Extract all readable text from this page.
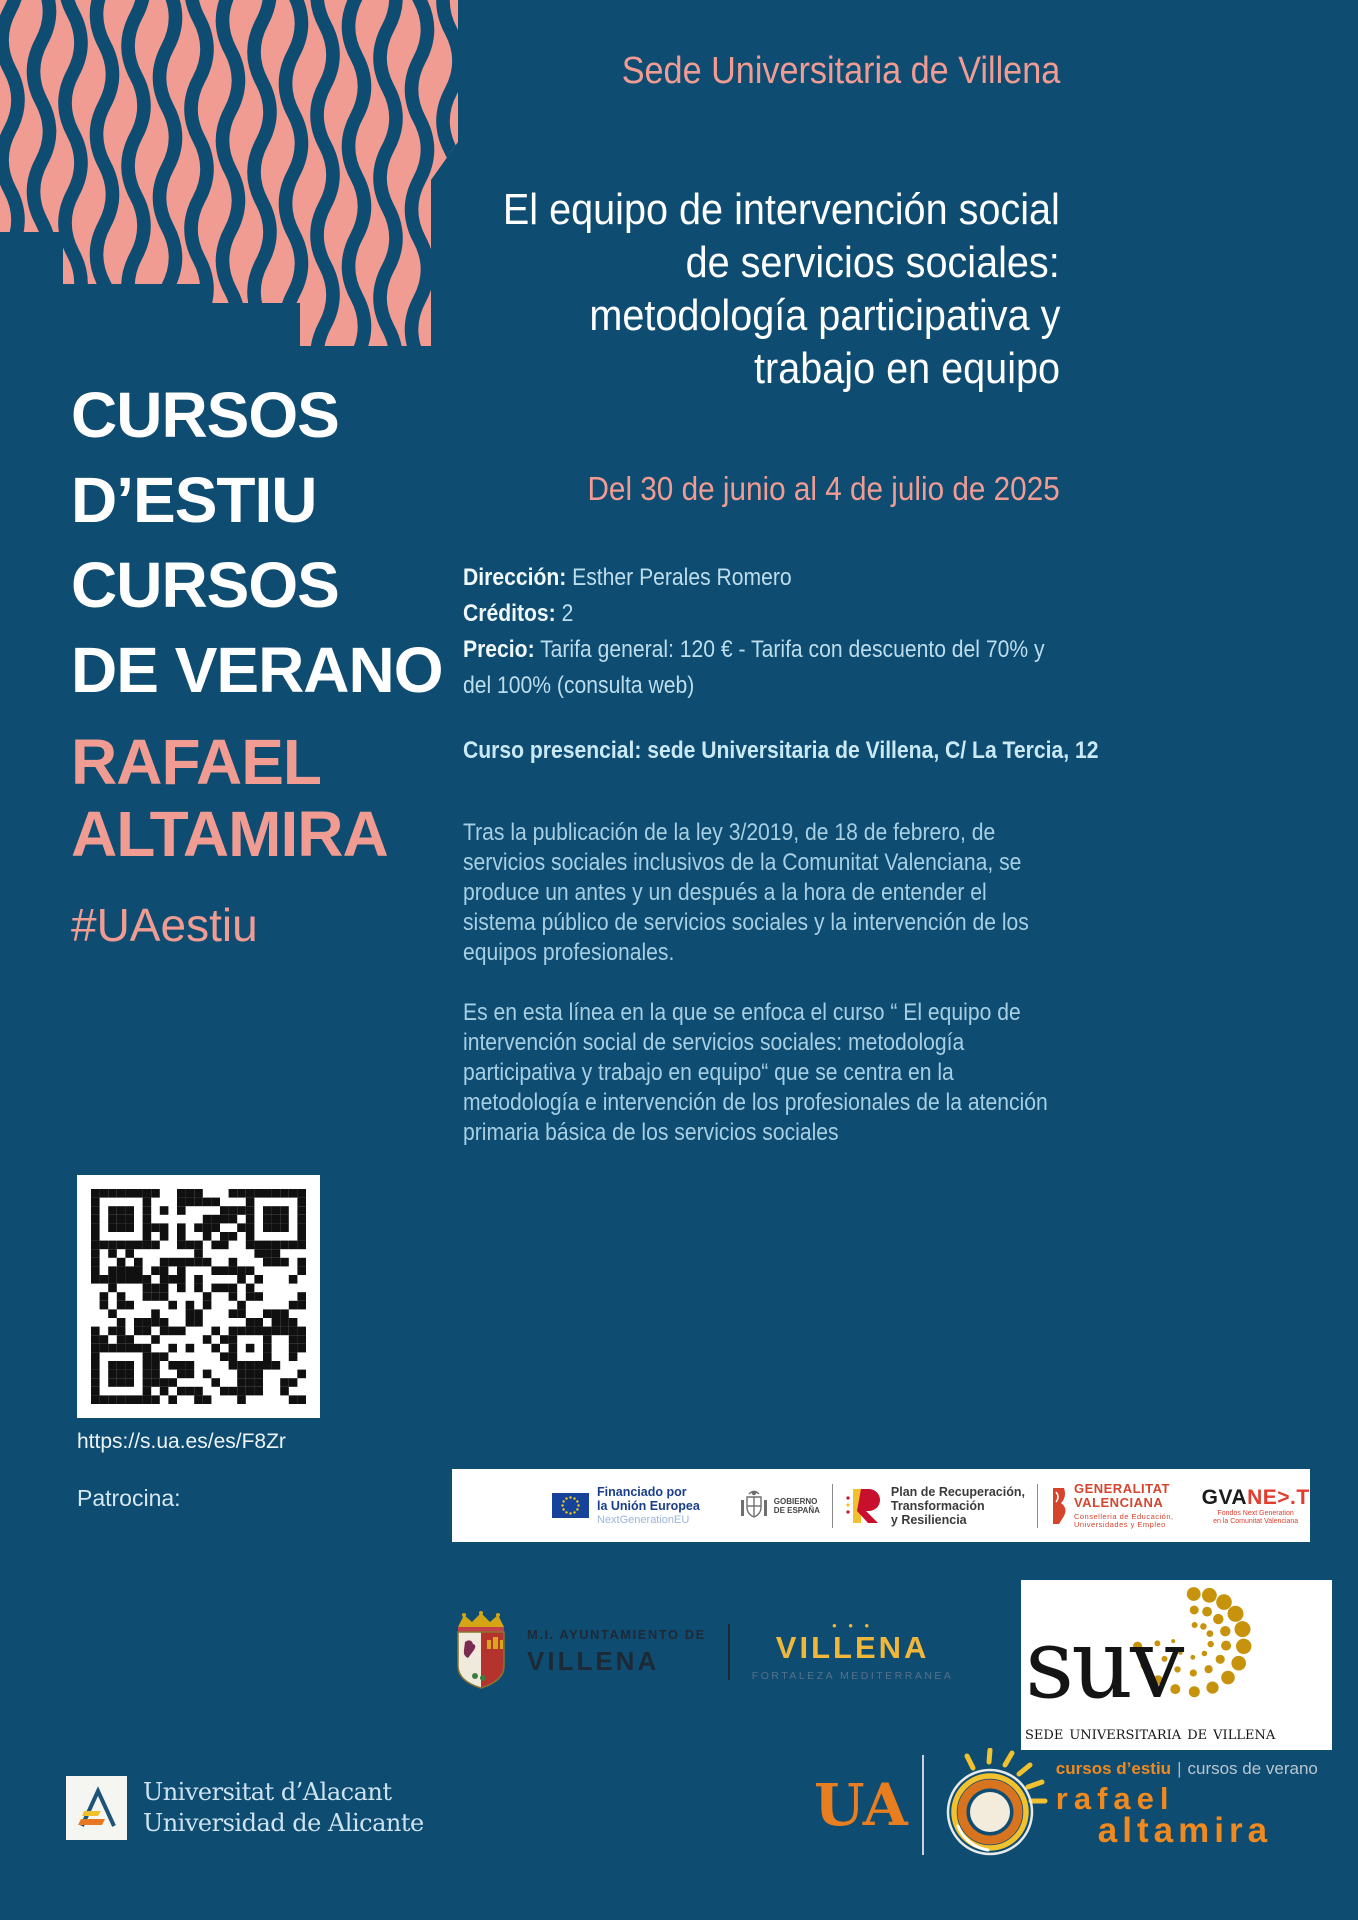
Sede Universitaria de Villena
El equipo de intervención social
de servicios sociales:
metodología participativa y
trabajo en equipo
Del 30 de junio al 4 de julio de 2025
Dirección: Esther Perales Romero
Créditos: 2
Precio: Tarifa general: 120 € - Tarifa con descuento del 70% y
del 100% (consulta web)
Curso presencial: sede Universitaria de Villena, C/ La Tercia, 12
Tras la publicación de la ley 3/2019, de 18 de febrero, de
servicios sociales inclusivos de la Comunitat Valenciana, se
produce un antes y un después a la hora de entender el
sistema público de servicios sociales y la intervención de los
equipos profesionales.
Es en esta línea en la que se enfoca el curso “ El equipo de
intervención social de servicios sociales: metodología
participativa y trabajo en equipo“ que se centra en la
metodología e intervención de los profesionales de la atención
primaria básica de los servicios sociales
CURSOS
D’ESTIU
CURSOS
DE VERANO
RAFAEL
ALTAMIRA
#UAestiu
https://s.ua.es/es/F8Zr
Patrocina:	Financiado por
la Unión Europea
NextGenerationEU
GOBIERNO
DE ESPAÑA
Plan de Recuperación,
Transformación
y Resiliencia
GENERALITAT
VALENCIANA
Conselleria de Educación,
Universidades y Empleo
GVANE>.T
Fondos Next Generation
en la Comunitat Valenciana
M.I. AYUNTAMIENTO DE
VILLENA
• • •
VILLENA
FORTALEZA MEDITERRANEA suv
sede universitaria de villena
Universitat d’Alacant
Universidad de Alicante	UA
cursos d’estiu | cursos de verano
rafael
altamira
